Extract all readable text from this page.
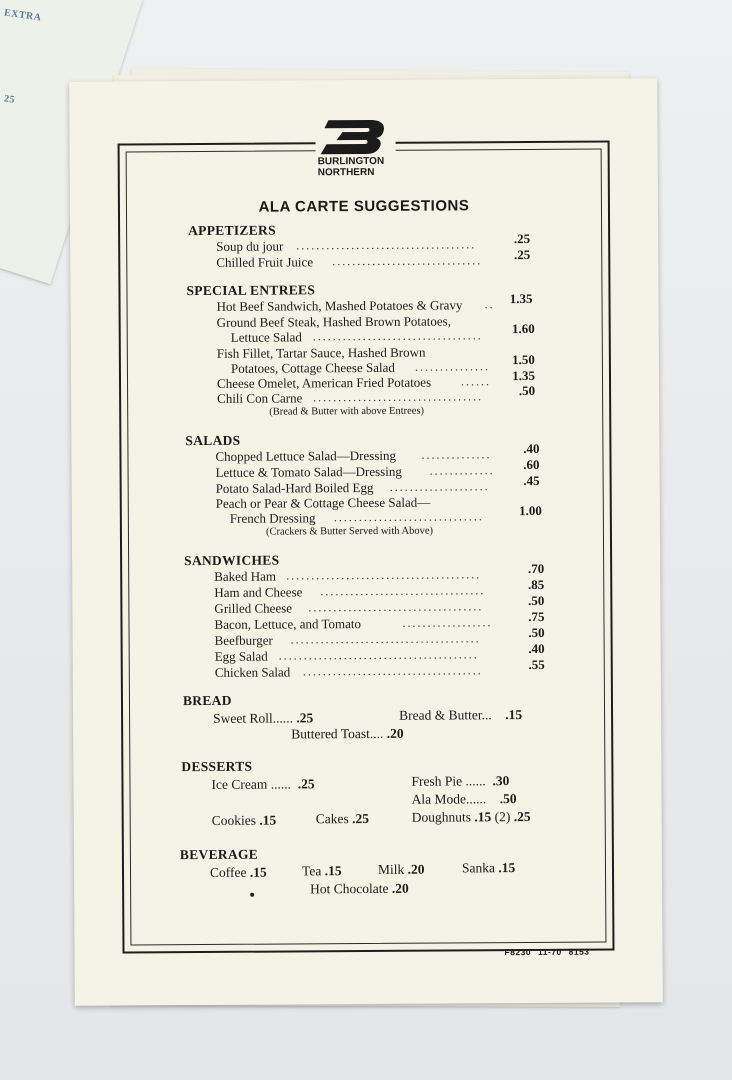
EXTRA
25
BURLINGTON
NORTHERN
ALA CARTE SUGGESTIONS
APPETIZERS
Soup du jour ....................................	.25
Chilled Fruit Juice ..............................	.25
SPECIAL ENTREES
Hot Beef Sandwich, Mashed Potatoes & Gravy ..	1.35
Ground Beef Steak, Hashed Brown Potatoes,
Lettuce Salad ..................................	1.60
Fish Fillet, Tartar Sauce, Hashed Brown
Potatoes, Cottage Cheese Salad ...............	1.50
Cheese Omelet, American Fried Potatoes ......	1.35
Chili Con Carne ..................................	.50
(Bread & Butter with above Entrees)
SALADS
Chopped Lettuce Salad—Dressing ..............	.40
Lettuce & Tomato Salad—Dressing .............	.60
Potato Salad-Hard Boiled Egg ....................	.45
Peach or Pear & Cottage Cheese Salad—
French Dressing ..............................	1.00
(Crackers & Butter Served with Above)
SANDWICHES
Baked Ham .......................................	.70
Ham and Cheese .................................	.85
Grilled Cheese ...................................	.50
Bacon, Lettuce, and Tomato	..................	.75
Beefburger ......................................	.50
Egg Salad ........................................	.40
Chicken Salad ....................................	.55
BREAD
Sweet Roll...... .25	Bread & Butter...    .15
Buttered Toast.... .20
DESSERTS
Ice Cream ......  .25	Fresh Pie ......  .30
Ala Mode......    .50
Cookies .15	Cakes .25	Doughnuts .15 (2) .25
BEVERAGE
Coffee .15	Tea .15	Milk .20	Sanka .15
Hot Chocolate .20
F8230 11-70 8153
